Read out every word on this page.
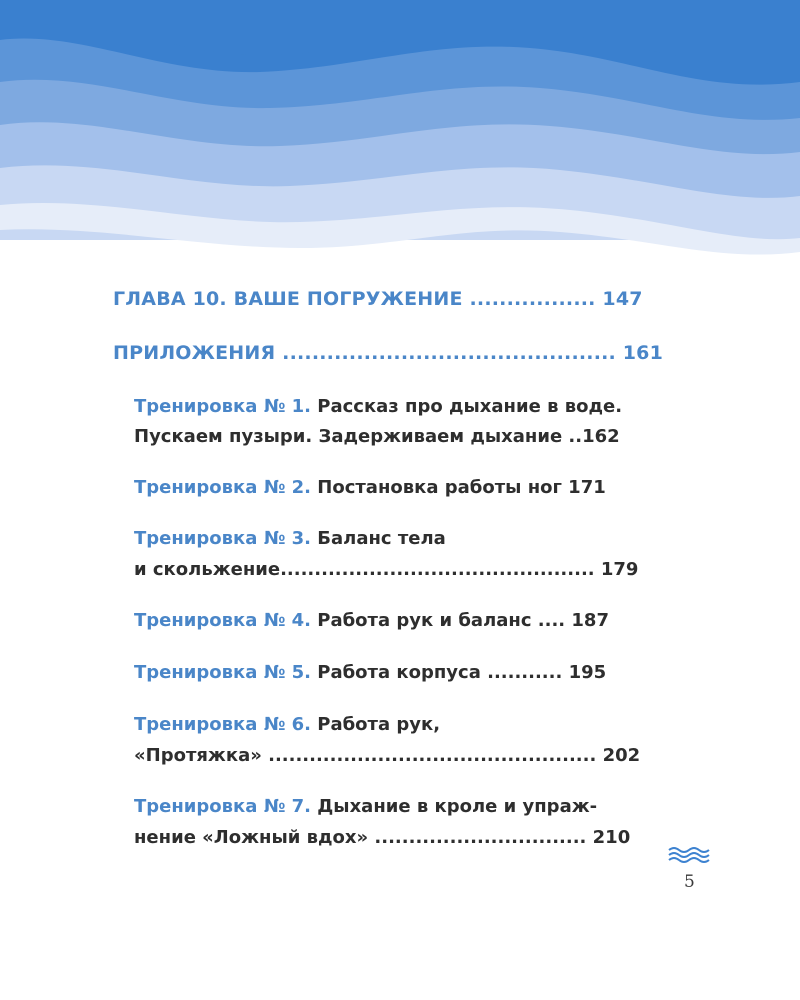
ГЛАВА 10. ВАШЕ ПОГРУЖЕНИЕ ................. 147
ПРИЛОЖЕНИЯ ............................................. 161
Тренировка № 1. Рассказ про дыхание в воде.
Пускаем пузыри. Задерживаем дыхание ..162
Тренировка № 2. Постановка работы ног 171
Тренировка № 3. Баланс тела
и скольжение.............................................. 179
Тренировка № 4. Работа рук и баланс .... 187
Тренировка № 5. Работа корпуса ........... 195
Тренировка № 6. Работа рук,
«Протяжка» ................................................ 202
Тренировка № 7. Дыхание в кроле и упраж-
нение «Ложный вдох» ............................... 210
5
